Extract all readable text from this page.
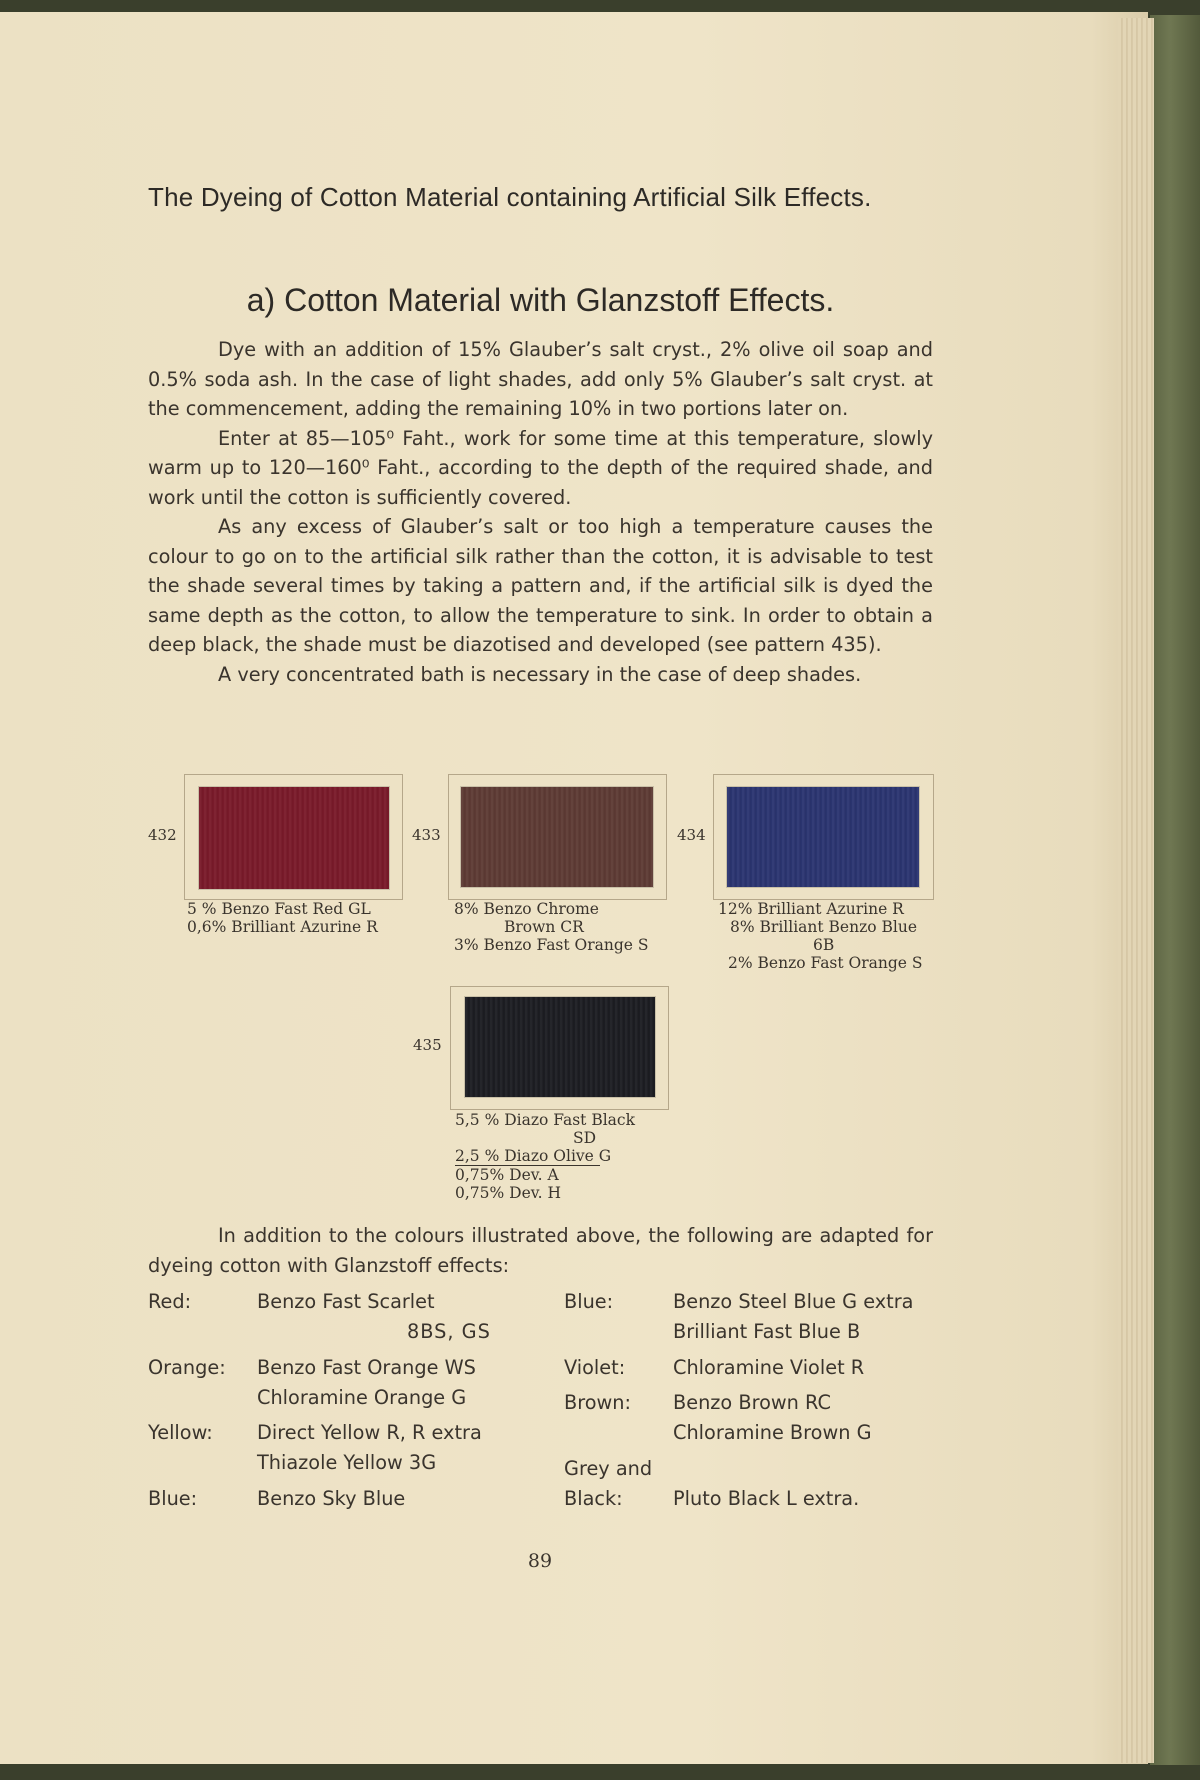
The Dyeing of Cotton Material containing Artificial Silk Effects.
a) Cotton Material with Glanzstoff Effects.

Dye with an addition of 15% Glauber’s salt cryst., 2% olive oil soap and 0.5% soda ash. In the case of light shades, add only 5% Glauber’s salt cryst. at the commencement, adding the remaining 10% in two portions later on.

Enter at 85—105⁰ Faht., work for some time at this temperature, slowly warm up to 120—160⁰ Faht., according to the depth of the required shade, and work until the cotton is sufficiently covered.

As any excess of Glauber’s salt or too high a temperature causes the colour to go on to the artificial silk rather than the cotton, it is advisable to test the shade several times by taking a pattern and, if the artificial silk is dyed the same depth as the cotton, to allow the temperature to sink. In order to obtain a deep black, the shade must be diazotised and developed (see pattern 435).

A very concentrated bath is necessary in the case of deep shades.

432
5 % Benzo Fast Red GL
0,6% Brilliant Azurine R
433
8% Benzo Chrome
Brown CR
3% Benzo Fast Orange S
434
12% Brilliant Azurine R
8% Brilliant Benzo Blue
6B
2% Benzo Fast Orange S
435
5,5 % Diazo Fast Black
SD
2,5 % Diazo Olive G
0,75% Dev. A
0,75% Dev. H

In addition to the colours illustrated above, the following are adapted for dyeing cotton with Glanzstoff effects:

Red:	Benzo Fast Scarlet
8BS, GS
Orange: Benzo Fast Orange WS
Chloramine Orange G
Yellow: Direct Yellow R, R extra
Thiazole Yellow 3G
Blue:	Benzo Sky Blue
Blue:	Benzo Steel Blue G extra
Brilliant Fast Blue B
Violet: Chloramine Violet R
Brown: Benzo Brown RC
Chloramine Brown G
Grey and
Black:	Pluto Black L extra.
89
